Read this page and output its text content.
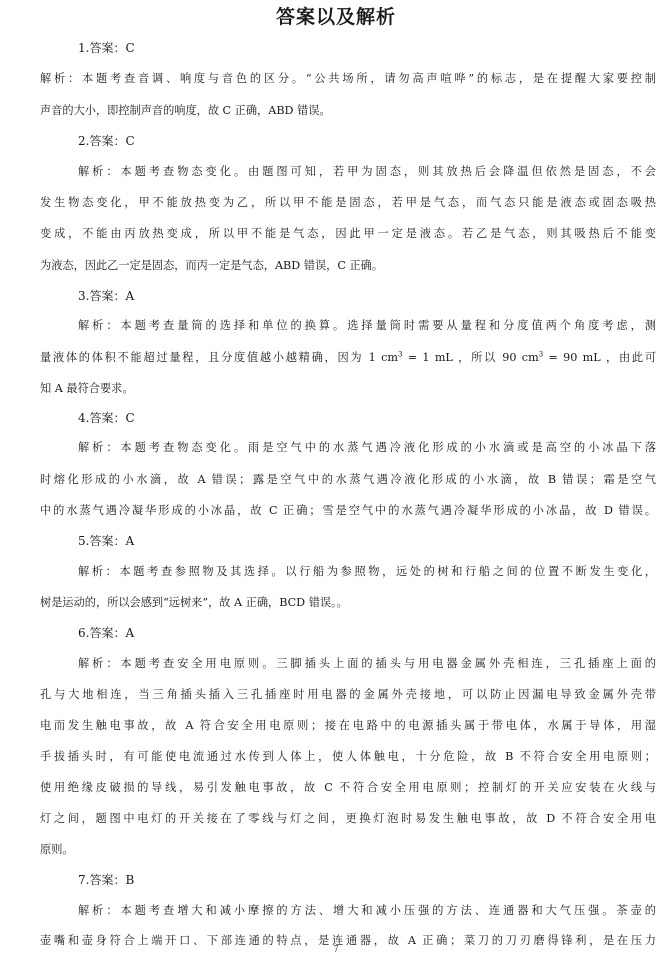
答案以及解析
1.答案：C
解析：本题考查音调、响度与音色的区分。“公共场所，请勿高声喧哗”的标志，是在提醒大家要控制
声音的大小，即控制声音的响度，故 C 正确，ABD 错误。
2.答案：C
解析：本题考查物态变化。由题图可知，若甲为固态，则其放热后会降温但依然是固态，不会
发生物态变化，甲不能放热变为乙，所以甲不能是固态，若甲是气态，而气态只能是液态或固态吸热
变成，不能由丙放热变成，所以甲不能是气态，因此甲一定是液态。若乙是气态，则其吸热后不能变
为液态，因此乙一定是固态，而丙一定是气态，ABD 错误，C 正确。
3.答案：A
解析：本题考查量筒的选择和单位的换算。选择量筒时需要从量程和分度值两个角度考虑，测
量液体的体积不能超过量程，且分度值越小越精确，因为 1 $cm^3 = 1$ mL ，所以 90 $cm^3 = 90$ mL ，由此可
知 A 最符合要求。
4.答案：C
解析：本题考查物态变化。雨是空气中的水蒸气遇冷液化形成的小水滴或是高空的小冰晶下落
时熔化形成的小水滴，故 A 错误；露是空气中的水蒸气遇冷液化形成的小水滴，故 B 错误；霜是空气
中的水蒸气遇冷凝华形成的小冰晶，故 C 正确；雪是空气中的水蒸气遇冷凝华形成的小冰晶，故 D 错误。
5.答案：A
解析：本题考查参照物及其选择。以行船为参照物，远处的树和行船之间的位置不断发生变化，
树是运动的，所以会感到“远树来”，故 A 正确，BCD 错误。。
6.答案：A
解析：本题考查安全用电原则。三脚插头上面的插头与用电器金属外壳相连，三孔插座上面的
孔与大地相连，当三角插头插入三孔插座时用电器的金属外壳接地，可以防止因漏电导致金属外壳带
电而发生触电事故，故 A 符合安全用电原则；接在电路中的电源插头属于带电体，水属于导体，用湿
手拔插头时，有可能使电流通过水传到人体上，使人体触电，十分危险，故 B 不符合安全用电原则；
使用绝缘皮破损的导线，易引发触电事故，故 C 不符合安全用电原则；控制灯的开关应安装在火线与
灯之间，题图中电灯的开关接在了零线与灯之间，更换灯泡时易发生触电事故，故 D 不符合安全用电
原则。
7.答案：B
解析：本题考查增大和减小摩擦的方法、增大和减小压强的方法、连通器和大气压强。茶壶的
壶嘴和壶身符合上端开口、下部连通的特点，是连通器，故 A 正确；菜刀的刀刃磨得锋利，是在压力
7
